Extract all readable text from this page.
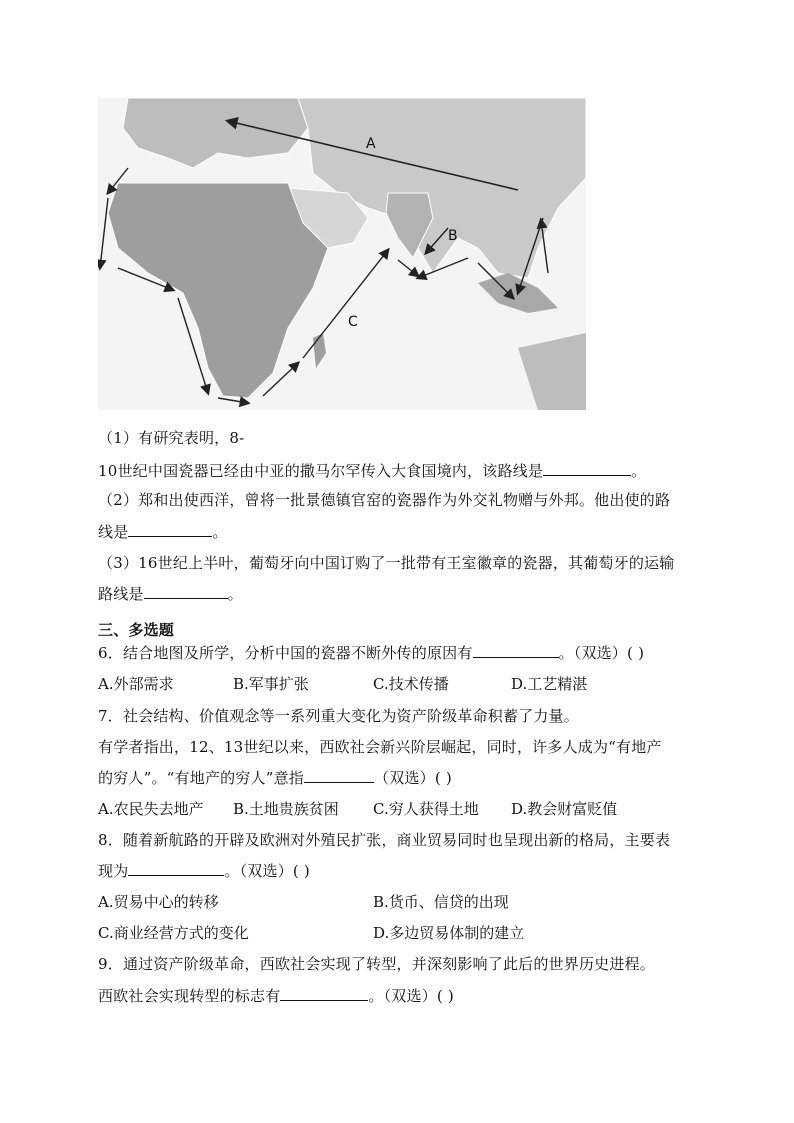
A
B
C
（1）有研究表明，8-
10世纪中国瓷器已经由中亚的撒马尔罕传入大食国境内，该路线是	。
（2）郑和出使西洋，曾将一批景德镇官窑的瓷器作为外交礼物赠与外邦。他出使的路
线是	。
（3）16世纪上半叶，葡萄牙向中国订购了一批带有王室徽章的瓷器，其葡萄牙的运输
路线是	。
三、多选题
6．结合地图及所学，分析中国的瓷器不断外传的原因有	。（双选）( )
A.外部需求	B.军事扩张	C.技术传播	D.工艺精湛
7．社会结构、价值观念等一系列重大变化为资产阶级革命积蓄了力量。
有学者指出，12、13世纪以来，西欧社会新兴阶层崛起，同时，许多人成为“有地产
的穷人”。“有地产的穷人”意指	（双选）( )
A.农民失去地产 B.土地贵族贫困 C.穷人获得土地 D.教会财富贬值
8．随着新航路的开辟及欧洲对外殖民扩张，商业贸易同时也呈现出新的格局，主要表
现为	。（双选）( )
A.贸易中心的转移	B.货币、信贷的出现
C.商业经营方式的变化	D.多边贸易体制的建立
9．通过资产阶级革命，西欧社会实现了转型，并深刻影响了此后的世界历史进程。
西欧社会实现转型的标志有	。（双选）( )
